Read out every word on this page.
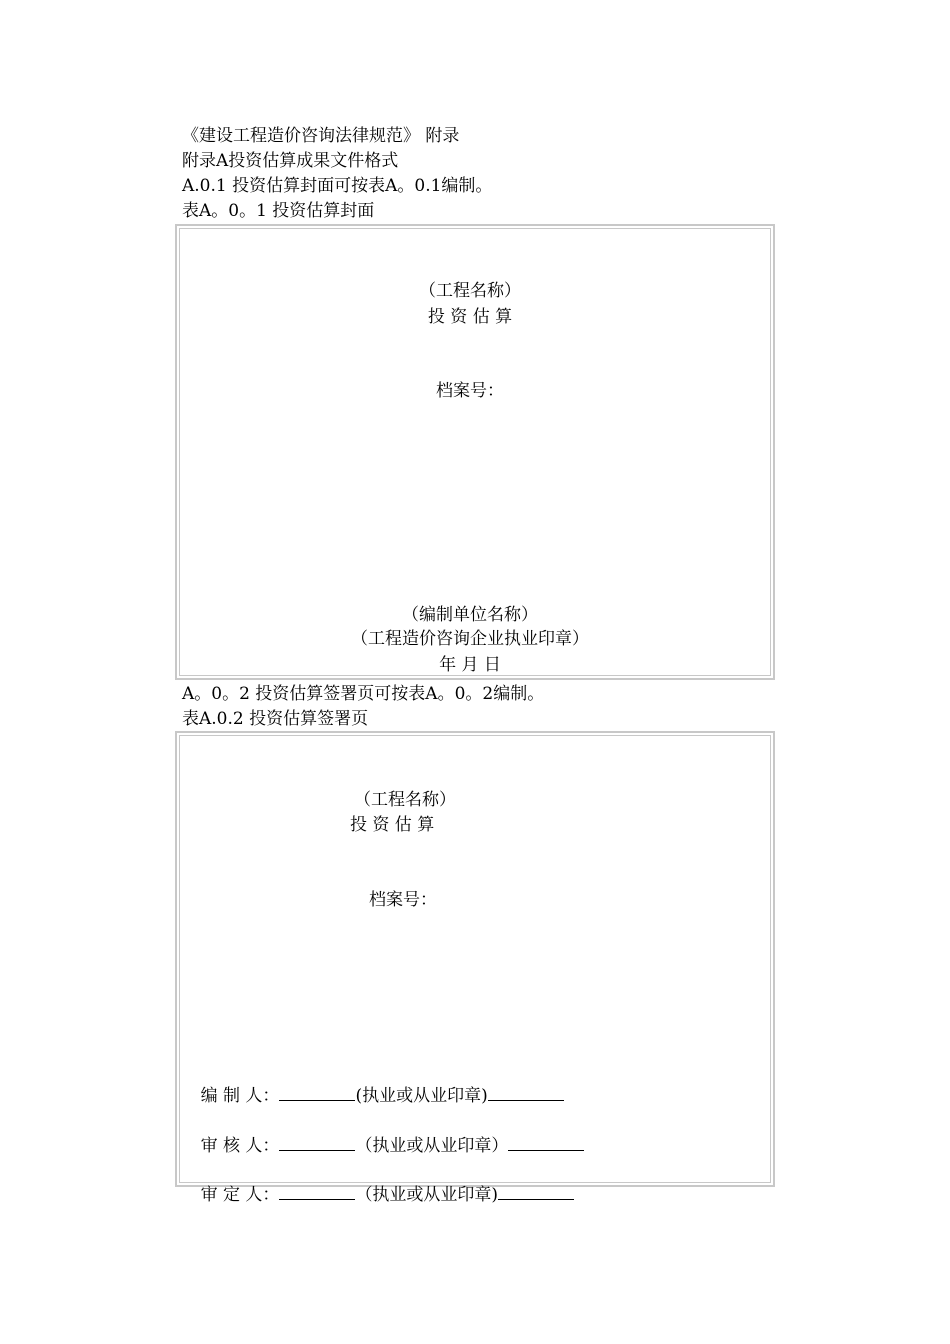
《建设工程造价咨询法律规范》 附录
附录A投资估算成果文件格式
A.0.1 投资估算封面可按表A。0.1编制。
表A。0。1 投资估算封面
（工程名称）
投 资 估 算
档案号：
（编制单位名称）
（工程造价咨询企业执业印章）
年 月 日
A。0。2 投资估算签署页可按表A。0。2编制。
表A.0.2 投资估算签署页
（工程名称）
投 资 估 算
档案号：

编 制 人：	(执业或从业印章)

审 核 人：	（执业或从业印章）

审 定 人：	（执业或从业印章)
